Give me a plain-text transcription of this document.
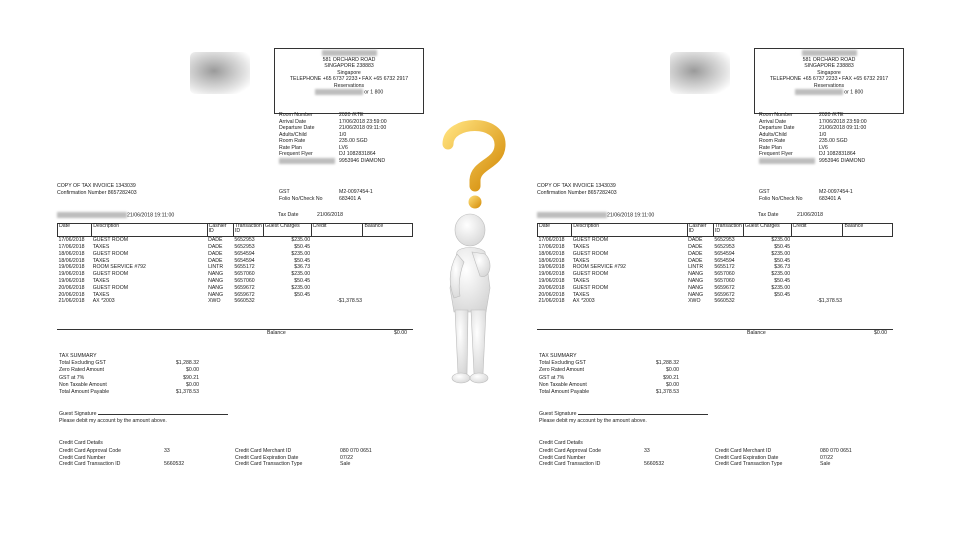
581 ORCHARD ROAD
SINGAPORE 238883
Singapore
TELEPHONE +65 6737 2233 • FAX +65 6732 2917
Reservations
or 1 800
Room Number	2020 /KTE
Arrival Date	17/06/2018 23:59:00
Departure Date	21/06/2018 09:11:00
Adults/Child	1/0
Room Rate	235.00 SGD
Rate Plan	LV6
Frequent Flyer	DJ 1082831864
9953946 DIAMOND
COPY OF TAX INVOICE 1343039
Confirmation Number 8657282403	GST	M2-0097454-1
Folio No/Check No	683401 A
21/06/2018 19:11:00	Tax Date	21/06/2018
Date	Description	Cashier ID	Transaction ID	Guest Charges	Credit	Balance
17/06/2018	GUEST ROOM	DADE	5652953	$235.00		
17/06/2018	TAXES	DADE	5652953	$50.45		
18/06/2018	GUEST ROOM	DADE	5654594	$235.00		
18/06/2018	TAXES	DADE	5654594	$50.45		
19/06/2018	ROOM SERVICE #792	LINTR	5655172	$36.73		
19/06/2018	GUEST ROOM	NANG	5657060	$235.00		
19/06/2018	TAXES	NANG	5657060	$50.45		
20/06/2018	GUEST ROOM	NANG	5659672	$235.00		
20/06/2018	TAXES	NANG	5659672	$50.45		
21/06/2018	AX *2003	XWO	5660532		-$1,378.53	
Balance	$0.00
TAX SUMMARY
Total Excluding GST	$1,288.32
Zero Rated Amount	$0.00
GST at 7%	$90.21
Non Taxable Amount	$0.00
Total Amount Payable	$1,378.53
Guest Signature
Please debit my account by the amount above.
Credit Card Details
Credit Card Approval Code	33
Credit Card Number
Credit Card Transaction ID	5660532
Credit Card Merchant ID	080 070 0651
Credit Card Expiration Date	07/22
Credit Card Transaction Type	Sale
581 ORCHARD ROAD
SINGAPORE 238883
Singapore
TELEPHONE +65 6737 2233 • FAX +65 6732 2917
Reservations
or 1 800
Room Number	2020 /KTE
Arrival Date	17/06/2018 23:59:00
Departure Date	21/06/2018 09:11:00
Adults/Child	1/0
Room Rate	235.00 SGD
Rate Plan	LV6
Frequent Flyer	DJ 1082831864
9953946 DIAMOND
COPY OF TAX INVOICE 1343039
Confirmation Number 8657282403	GST	M2-0097454-1
Folio No/Check No	683401 A
21/06/2018 19:11:00	Tax Date	21/06/2018
Date	Description	Cashier ID	Transaction ID	Guest Charges	Credit	Balance
17/06/2018	GUEST ROOM	DADE	5652953	$235.00		
17/06/2018	TAXES	DADE	5652953	$50.45		
18/06/2018	GUEST ROOM	DADE	5654594	$235.00		
18/06/2018	TAXES	DADE	5654594	$50.45		
19/06/2018	ROOM SERVICE #792	LINTR	5655172	$36.73		
19/06/2018	GUEST ROOM	NANG	5657060	$235.00		
19/06/2018	TAXES	NANG	5657060	$50.45		
20/06/2018	GUEST ROOM	NANG	5659672	$235.00		
20/06/2018	TAXES	NANG	5659672	$50.45		
21/06/2018	AX *2003	XWO	5660532		-$1,378.53	
Balance	$0.00
TAX SUMMARY
Total Excluding GST	$1,288.32
Zero Rated Amount	$0.00
GST at 7%	$90.21
Non Taxable Amount	$0.00
Total Amount Payable	$1,378.53
Guest Signature
Please debit my account by the amount above.
Credit Card Details
Credit Card Approval Code	33
Credit Card Number
Credit Card Transaction ID	5660532
Credit Card Merchant ID	080 070 0651
Credit Card Expiration Date	07/22
Credit Card Transaction Type	Sale
